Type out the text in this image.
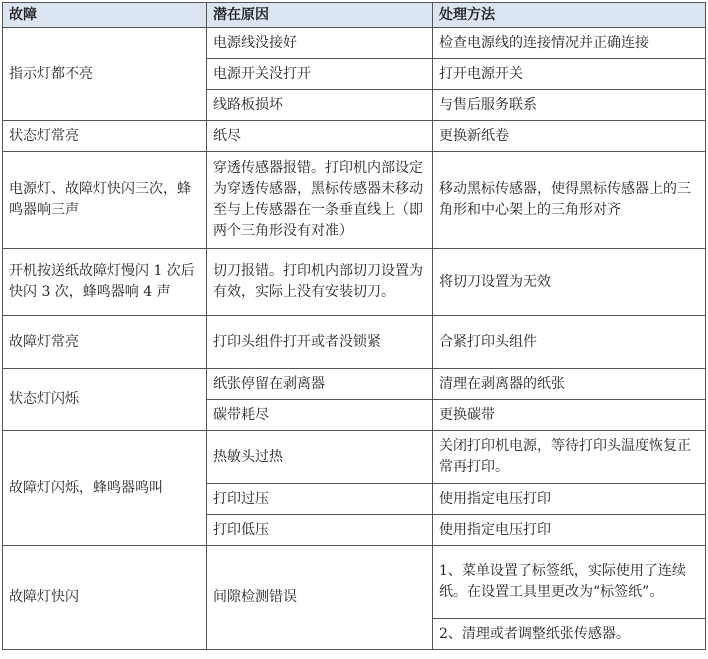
故障	潜在原因	处理方法
指示灯都不亮	电源线没接好	检查电源线的连接情况并正确连接
	电源开关没打开	打开电源开关
	线路板损坏	与售后服务联系
状态灯常亮	纸尽	更换新纸卷
电源灯、故障灯快闪三次，蜂鸣器响三声	穿透传感器报错。打印机内部设定为穿透传感器，黑标传感器未移动至与上传感器在一条垂直线上（即两个三角形没有对准）	移动黑标传感器，使得黑标传感器上的三角形和中心架上的三角形对齐
开机按送纸故障灯慢闪 1 次后快闪 3 次，蜂鸣器响 4 声	切刀报错。打印机内部切刀设置为有效，实际上没有安装切刀。	将切刀设置为无效
故障灯常亮	打印头组件打开或者没锁紧	合紧打印头组件
状态灯闪烁	纸张停留在剥离器	清理在剥离器的纸张
	碳带耗尽	更换碳带
故障灯闪烁，蜂鸣器鸣叫	热敏头过热	关闭打印机电源，等待打印头温度恢复正常再打印。
	打印过压	使用指定电压打印
	打印低压	使用指定电压打印
故障灯快闪	间隙检测错误	1、菜单设置了标签纸，实际使用了连续纸。在设置工具里更改为“标签纸”。
		2、清理或者调整纸张传感器。
